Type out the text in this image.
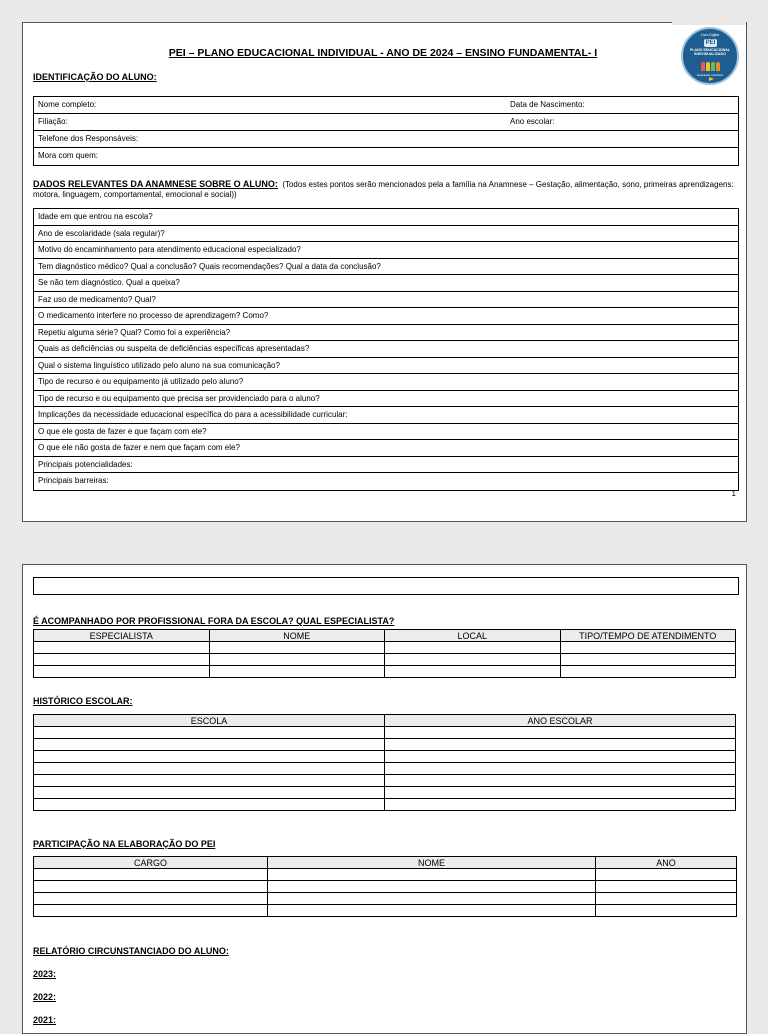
Livro Digital
PEI
PLANO EDUCACIONAL INDIVIDUALIZADO
Educação Inclusiva
PEI – PLANO EDUCACIONAL INDIVIDUAL - ANO DE 2024 – ENSINO FUNDAMENTAL- I
IDENTIFICAÇÃO DO ALUNO:
Nome completo:	Data de Nascimento:
Filiação:	Ano escolar:
Telefone dos Responsáveis:
Mora com quem:
DADOS RELEVANTES DA ANAMNESE SOBRE O ALUNO: (Todos estes pontos serão mencionados pela a família na Anamnese – Gestação, alimentação, sono, primeiras aprendizagens: motora, linguagem, comportamental, emocional e social))
Idade em que entrou na escola?
Ano de escolaridade (sala regular)?
Motivo do encaminhamento para atendimento educacional especializado?
Tem diagnóstico médico? Qual a conclusão? Quais recomendações? Qual a data da conclusão?
Se não tem diagnóstico. Qual a queixa?
Faz uso de medicamento? Qual?
O medicamento interfere no processo de aprendizagem? Como?
Repetiu alguma série? Qual? Como foi a experiência?
Quais as deficiências ou suspeita de deficiências específicas apresentadas?
Qual o sistema linguístico utilizado pelo aluno na sua comunicação?
Tipo de recurso e ou equipamento já utilizado pelo aluno?
Tipo de recurso e ou equipamento que precisa ser providenciado para o aluno?
Implicações da necessidade educacional específica do para a acessibilidade curricular:
O que ele gosta de fazer e que façam com ele?
O que ele não gosta de fazer e nem que façam com ele?
Principais potencialidades:
Principais barreiras:
1
É ACOMPANHADO POR PROFISSIONAL FORA DA ESCOLA? QUAL ESPECIALISTA?
ESPECIALISTA	NOME	LOCAL	TIPO/TEMPO DE ATENDIMENTO

HISTÓRICO ESCOLAR:
ESCOLA	ANO ESCOLAR

PARTICIPAÇÃO NA ELABORAÇÃO DO PEI
CARGO	NOME	ANO

RELATÓRIO CIRCUNSTANCIADO DO ALUNO:
2023:
2022:
2021:
